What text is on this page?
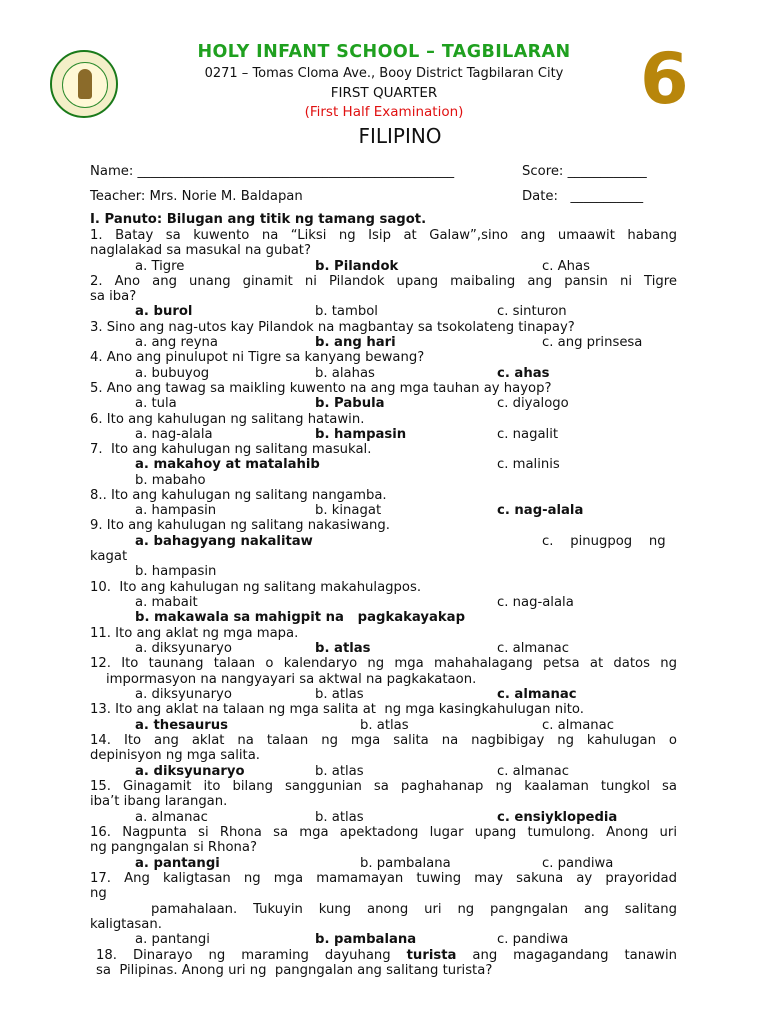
HOLY INFANT SCHOOL – TAGBILARAN
0271 – Tomas Cloma Ave., Booy District Tagbilaran City
FIRST QUARTER
(First Half Examination)
FILIPINO
6
Name: ________________________________________________	Score: ____________
Teacher: Mrs. Norie M. Baldapan	Date:   ___________
I. Panuto: Bilugan ang titik ng tamang sagot.
1. Batay sa kuwento na “Liksi ng Isip at Galaw”,sino ang umaawit habang
naglalakad sa masukal na gubat?
a. Tigre	b. Pilandok	c. Ahas
2. Ano ang unang ginamit ni Pilandok upang maibaling ang pansin ni Tigre
sa iba?
a. burol	b. tambol	c. sinturon
3. Sino ang nag-utos kay Pilandok na magbantay sa tsokolateng tinapay?
a. ang reyna	b. ang hari	c. ang prinsesa
4. Ano ang pinulupot ni Tigre sa kanyang bewang?
a. bubuyog	b. alahas	c. ahas
5. Ano ang tawag sa maikling kuwento na ang mga tauhan ay hayop?
a. tula	b. Pabula	c. diyalogo
6. Ito ang kahulugan ng salitang hatawin.
a. nag-alala	b. hampasin	c. nagalit
7.  Ito ang kahulugan ng salitang masukal.
a. makahoy at matalahib	c. malinis
b. mabaho
8.. Ito ang kahulugan ng salitang nangamba.
a. hampasin	b. kinagat	c. nag-alala
9. Ito ang kahulugan ng salitang nakasiwang.
a. bahagyang nakalitaw	c.    pinugpog    ng
kagat
b. hampasin
10.  Ito ang kahulugan ng salitang makahulagpos.
a. mabait	c. nag-alala
b. makawala sa mahigpit na   pagkakayakap
11. Ito ang aklat ng mga mapa.
a. diksyunaryo	b. atlas	c. almanac
12. Ito taunang talaan o kalendaryo ng mga mahahalagang petsa at datos ng
impormasyon na nangyayari sa aktwal na pagkakataon.
a. diksyunaryo	b. atlas	c. almanac
13. Ito ang aklat na talaan ng mga salita at  ng mga kasingkahulugan nito.
a. thesaurus	b. atlas	c. almanac
14. Ito ang aklat na talaan ng mga salita na nagbibigay ng kahulugan o
depinisyon ng mga salita.
a. diksyunaryo	b. atlas	c. almanac
15. Ginagamit ito bilang sanggunian sa paghahanap ng kaalaman tungkol sa
iba’t ibang larangan.
a. almanac	b. atlas	c. ensiyklopedia
16. Nagpunta si Rhona sa mga apektadong lugar upang tumulong. Anong uri
ng pangngalan si Rhona?
a. pantangi	b. pambalana	c. pandiwa
17. Ang kaligtasan ng mga mamamayan tuwing may sakuna ay prayoridad
ng
pamahalaan. Tukuyin kung anong uri ng pangngalan ang salitang
kaligtasan.
a. pantangi	b. pambalana	c. pandiwa
18. Dinarayo ng maraming dayuhang turista ang magagandang tanawin
sa  Pilipinas. Anong uri ng  pangngalan ang salitang turista?
